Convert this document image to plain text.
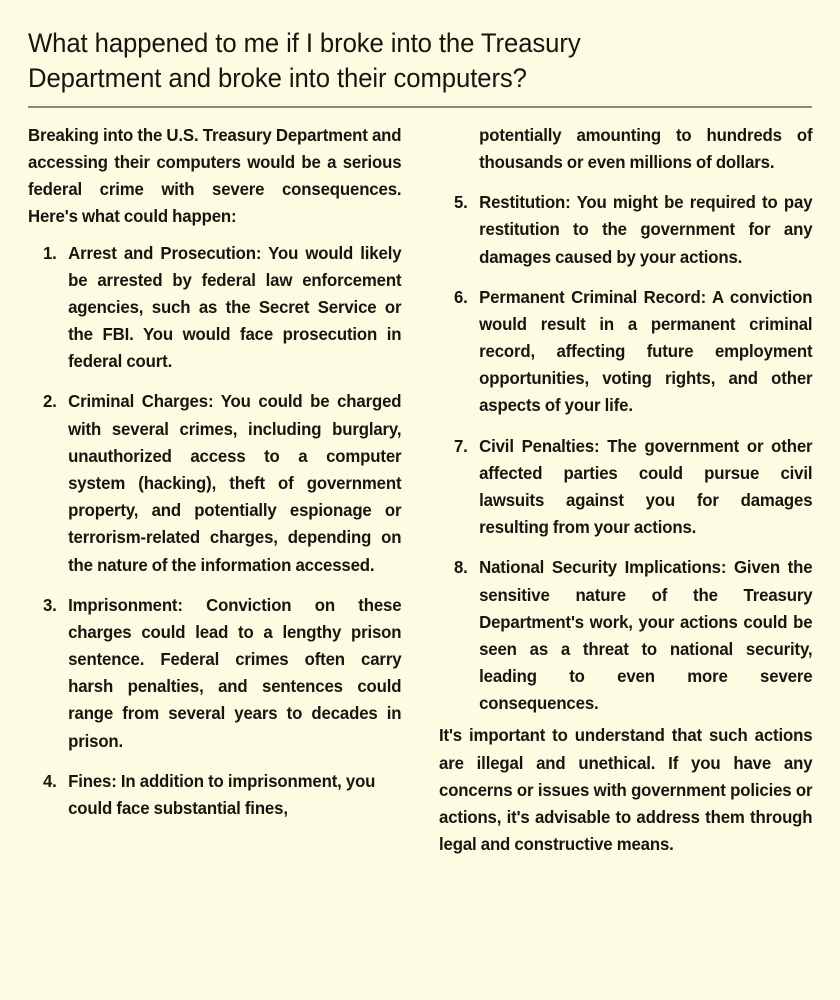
What happened to me if I broke into the Treasury Department and broke into their computers?

Breaking into the U.S. Treasury Department and accessing their computers would be a serious federal crime with severe consequences. Here's what could happen:

1. Arrest and Prosecution: You would likely be arrested by federal law enforcement agencies, such as the Secret Service or the FBI. You would face prosecution in federal court.
2. Criminal Charges: You could be charged with several crimes, including burglary, unauthorized access to a computer system (hacking), theft of government property, and potentially espionage or terrorism-related charges, depending on the nature of the information accessed.
3. Imprisonment: Conviction on these charges could lead to a lengthy prison sentence. Federal crimes often carry harsh penalties, and sentences could range from several years to decades in prison.
4. Fines: In addition to imprisonment, you could face substantial fines,

potentially amounting to hundreds of thousands or even millions of dollars.

5. Restitution: You might be required to pay restitution to the government for any damages caused by your actions.
6. Permanent Criminal Record: A conviction would result in a permanent criminal record, affecting future employment opportunities, voting rights, and other aspects of your life.
7. Civil Penalties: The government or other affected parties could pursue civil lawsuits against you for damages resulting from your actions.
8. National Security Implications: Given the sensitive nature of the Treasury Department's work, your actions could be seen as a threat to national security, leading to even more severe consequences.

It's important to understand that such actions are illegal and unethical. If you have any concerns or issues with government policies or actions, it's advisable to address them through legal and constructive means.
